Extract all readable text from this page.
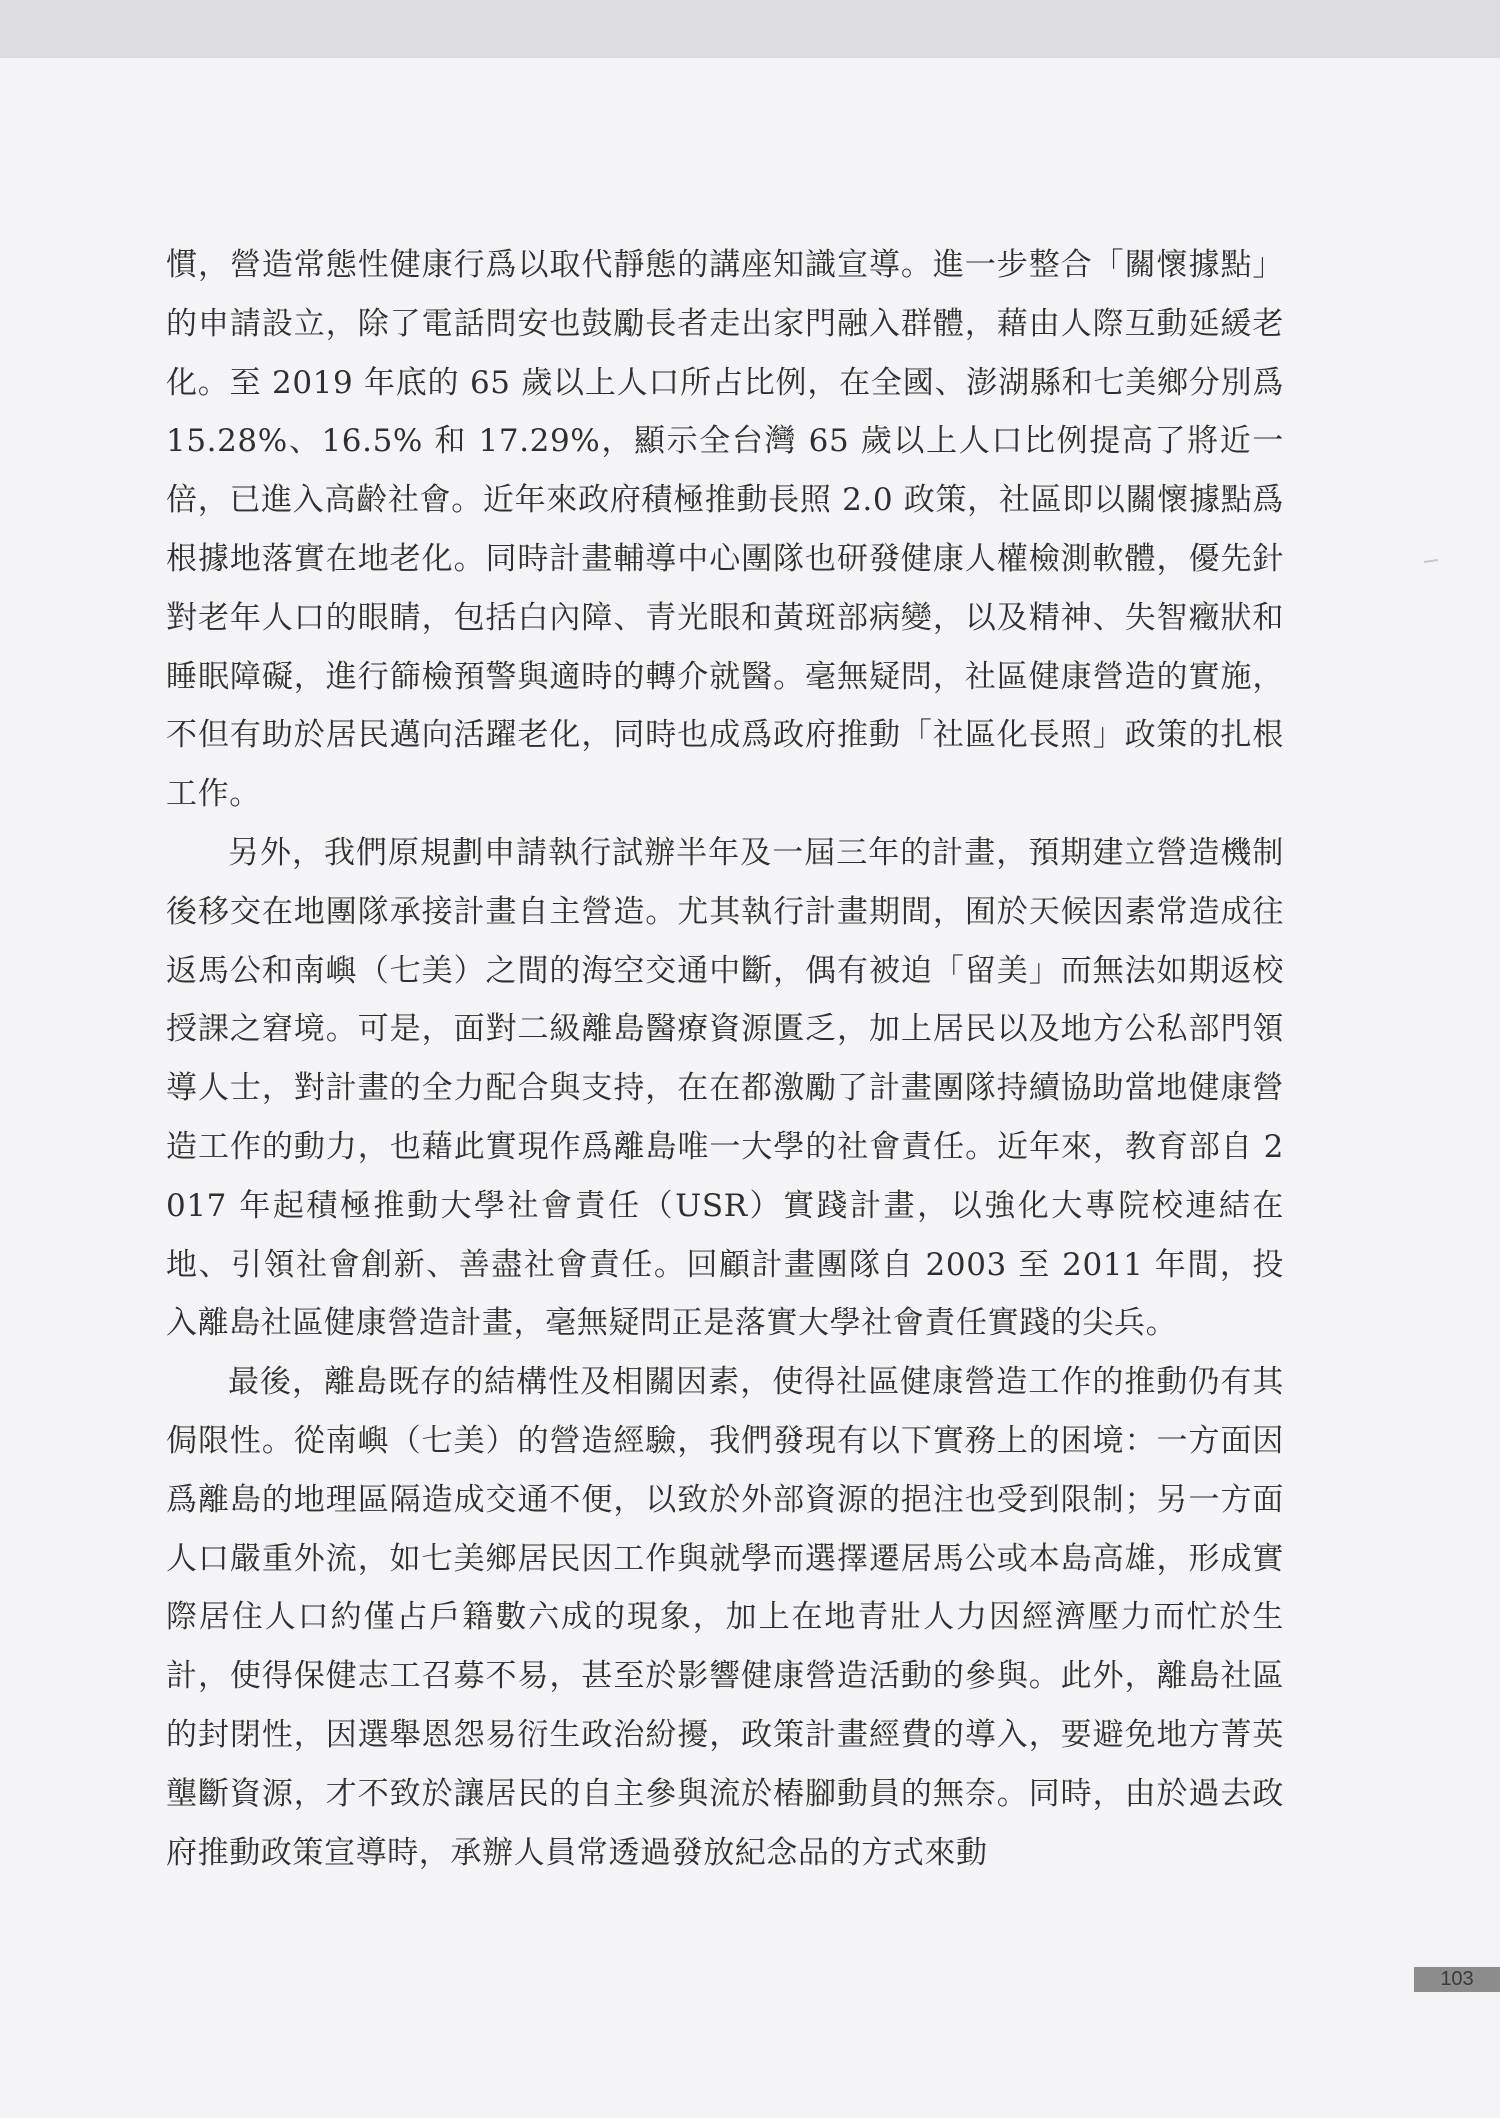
慣，營造常態性健康行爲以取代靜態的講座知識宣導。進一步整合「關懷據點」的申請設立，除了電話問安也鼓勵長者走出家門融入群體，藉由人際互動延緩老化。至 2019 年底的 65 歲以上人口所占比例，在全國、澎湖縣和七美鄉分別爲 15.28%、16.5% 和 17.29%，顯示全台灣 65 歲以上人口比例提高了將近一倍，已進入高齡社會。近年來政府積極推動長照 2.0 政策，社區即以關懷據點爲根據地落實在地老化。同時計畫輔導中心團隊也研發健康人權檢測軟體，優先針對老年人口的眼睛，包括白內障、青光眼和黃斑部病變，以及精神、失智癥狀和睡眠障礙，進行篩檢預警與適時的轉介就醫。毫無疑問，社區健康營造的實施，不但有助於居民邁向活躍老化，同時也成爲政府推動「社區化長照」政策的扎根工作。

另外，我們原規劃申請執行試辦半年及一屆三年的計畫，預期建立營造機制後移交在地團隊承接計畫自主營造。尤其執行計畫期間，囿於天候因素常造成往返馬公和南嶼（七美）之間的海空交通中斷，偶有被迫「留美」而無法如期返校授課之窘境。可是，面對二級離島醫療資源匱乏，加上居民以及地方公私部門領導人士，對計畫的全力配合與支持，在在都激勵了計畫團隊持續協助當地健康營造工作的動力，也藉此實現作爲離島唯一大學的社會責任。近年來，教育部自 2017 年起積極推動大學社會責任（USR）實踐計畫，以強化大專院校連結在地、引領社會創新、善盡社會責任。回顧計畫團隊自 2003 至 2011 年間，投入離島社區健康營造計畫，毫無疑問正是落實大學社會責任實踐的尖兵。

最後，離島既存的結構性及相關因素，使得社區健康營造工作的推動仍有其侷限性。從南嶼（七美）的營造經驗，我們發現有以下實務上的困境：一方面因爲離島的地理區隔造成交通不便，以致於外部資源的挹注也受到限制；另一方面人口嚴重外流，如七美鄉居民因工作與就學而選擇遷居馬公或本島高雄，形成實際居住人口約僅占戶籍數六成的現象，加上在地青壯人力因經濟壓力而忙於生計，使得保健志工召募不易，甚至於影響健康營造活動的參與。此外，離島社區的封閉性，因選舉恩怨易衍生政治紛擾，政策計畫經費的導入，要避免地方菁英壟斷資源，才不致於讓居民的自主參與流於樁腳動員的無奈。同時，由於過去政府推動政策宣導時，承辦人員常透過發放紀念品的方式來動

103
